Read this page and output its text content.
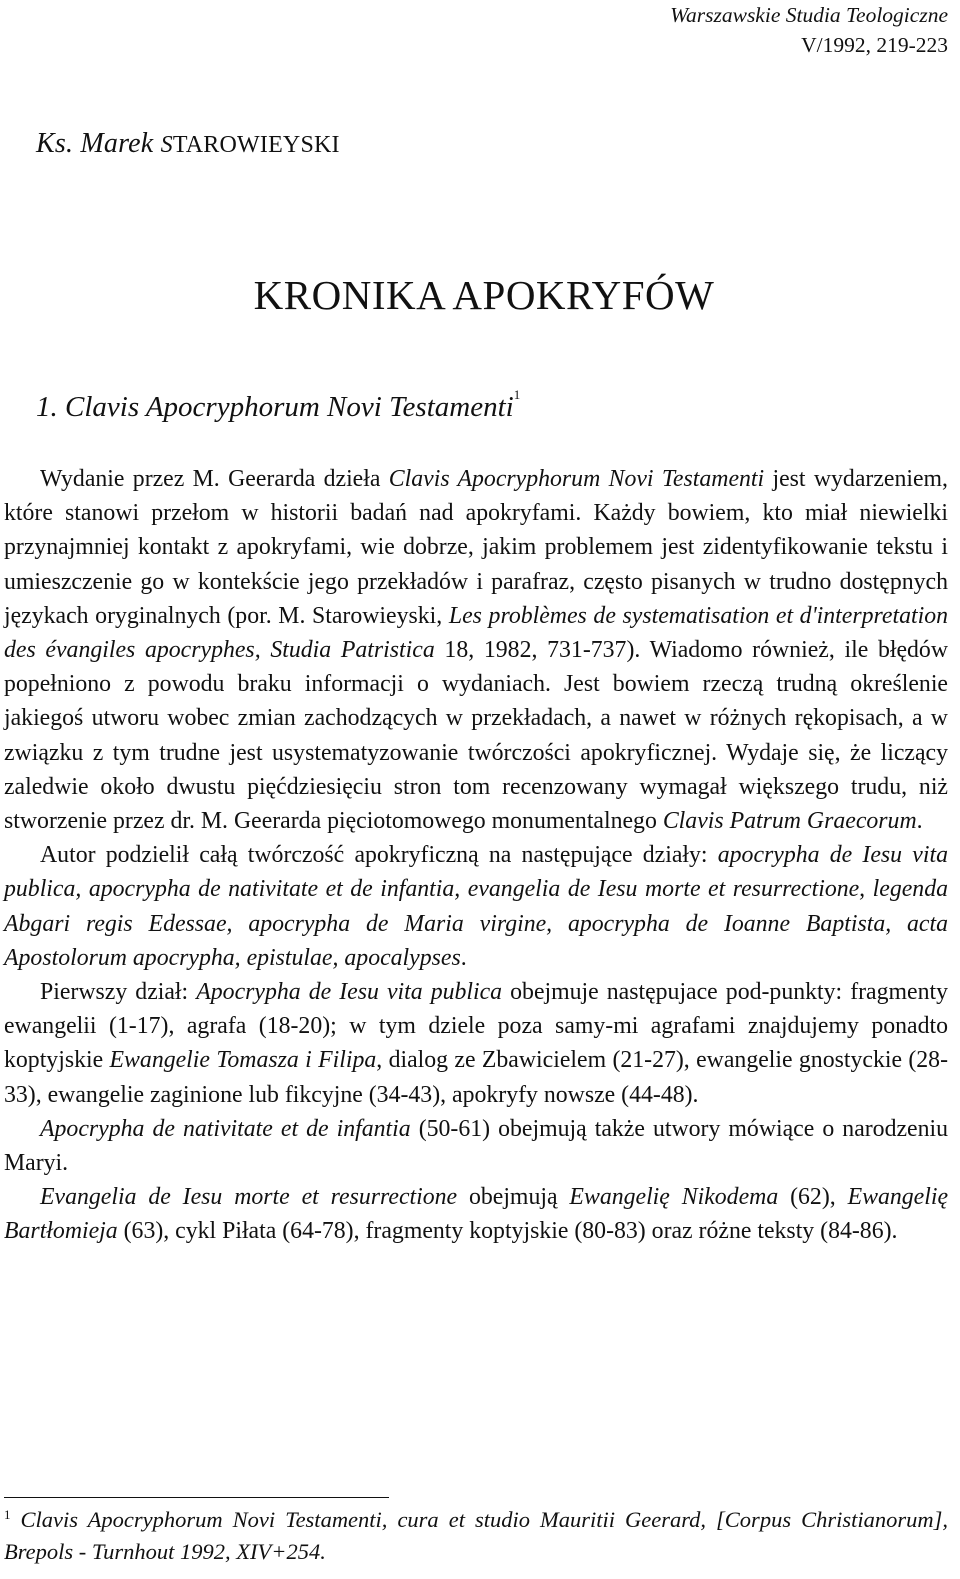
Warszawskie Studia Teologiczne
V/1992, 219-223
Ks. Marek STAROWIEYSKI
KRONIKA APOKRYFÓW
1. Clavis Apocryphorum Novi Testamenti$^1$

Wydanie przez M. Geerarda dzieła Clavis Apocryphorum Novi Testamenti jest wydarzeniem, które stanowi przełom w historii badań nad apokryfami. Każdy bowiem, kto miał niewielki przynajmniej kontakt z apokryfami, wie dobrze, jakim problemem jest zidentyfikowanie tekstu i umieszczenie go w kontekście jego przekładów i parafraz, często pisanych w trudno dostępnych językach oryginalnych (por. M. Starowieyski, Les problèmes de systematisation et d'interpretation des évangiles apocryphes, Studia Patristica 18, 1982, 731-737). Wiadomo również, ile błędów popełniono z powodu braku informacji o wydaniach. Jest bowiem rzeczą trudną określenie jakiegoś utworu wobec zmian zachodzących w przekładach, a nawet w różnych rękopisach, a w związku z tym trudne jest usystematyzowanie twórczości apokryficznej. Wydaje się, że liczący zaledwie około dwustu pięćdziesięciu stron tom recenzowany wymagał większego trudu, niż stworzenie przez dr. M. Geerarda pięciotomowego monumentalnego Clavis Patrum Graecorum.

Autor podzielił całą twórczość apokryficzną na następujące działy: apocrypha de Iesu vita publica, apocrypha de nativitate et de infantia, evangelia de Iesu morte et resurrectione, legenda Abgari regis Edessae, apocrypha de Maria virgine, apocrypha de Ioanne Baptista, acta Apostolorum apocrypha, epistulae, apocalypses.

Pierwszy dział: Apocrypha de Iesu vita publica obejmuje następujace pod-punkty: fragmenty ewangelii (1-17), agrafa (18-20); w tym dziele poza samy-mi agrafami znajdujemy ponadto koptyjskie Ewangelie Tomasza i Filipa, dialog ze Zbawicielem (21-27), ewangelie gnostyckie (28-33), ewangelie zaginione lub fikcyjne (34-43), apokryfy nowsze (44-48).

Apocrypha de nativitate et de infantia (50-61) obejmują także utwory mówiące o narodzeniu Maryi.

Evangelia de Iesu morte et resurrectione obejmują Ewangelię Nikodema (62), Ewangelię Bartłomieja (63), cykl Piłata (64-78), fragmenty koptyjskie (80-83) oraz różne teksty (84-86).

$^1$ Clavis Apocryphorum Novi Testamenti, cura et studio Mauritii Geerard, [Corpus Christianorum], Brepols - Turnhout 1992, XIV+254.
